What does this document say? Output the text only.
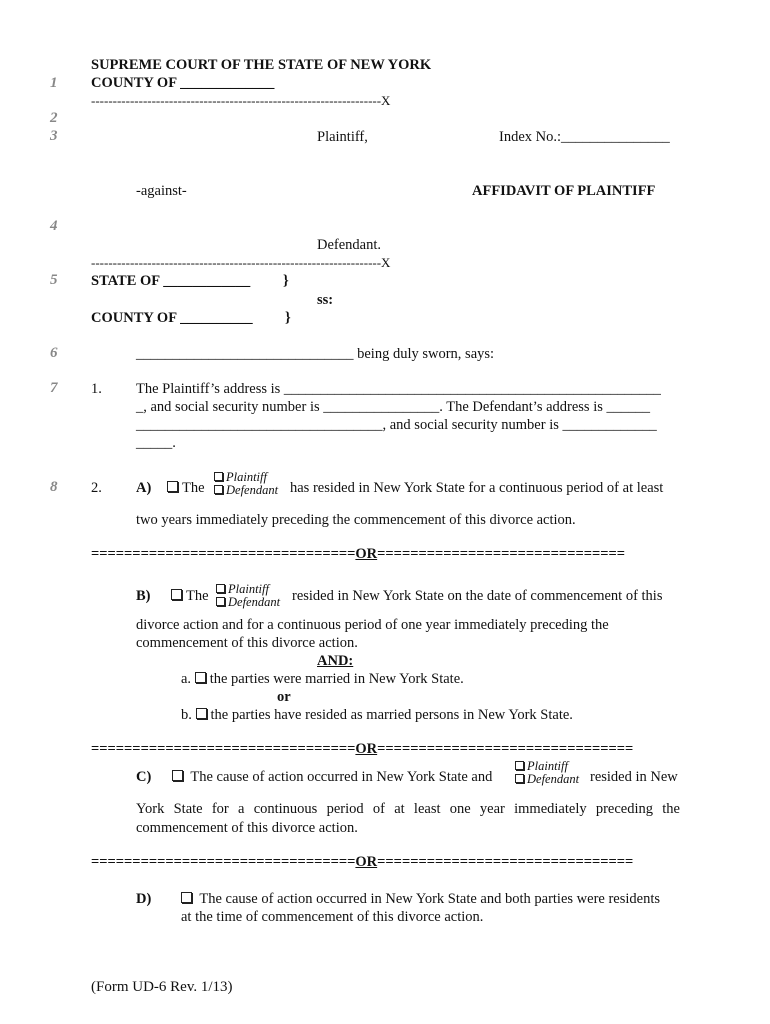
1
2
3
4
5
6
7
8
SUPREME COURT OF THE STATE OF NEW YORK
COUNTY OF _____________
-------------------------------------------------------------------X
Plaintiff,	Index No.:_______________
-against-	AFFIDAVIT OF PLAINTIFF
Defendant.
-------------------------------------------------------------------X
STATE OF ____________ }
ss:
COUNTY OF __________ }
______________________________ being duly sworn, says:
1. The Plaintiff’s address is ____________________________________________________
_, and social security number is ________________. The Defendant’s address is ______
__________________________________, and social security number is _____________
_____.
2. A)	The
Plaintiff
Defendant has resided in New York State for a continuous period of at least
two years immediately preceding the commencement of this divorce action.
================================OR==============================
B)	The	Plaintiff
Defendant resided in New York State on the date of commencement of this
divorce action and for a continuous period of one year immediately preceding the
commencement of this divorce action.
AND:
a. the parties were married in New York State.
or
b. the parties have resided as married persons in New York State.
================================OR===============================
C)	The cause of action occurred in New York State and
Plaintiff
Defendant resided in New
York State for a continuous period of at least one year immediately preceding the
commencement of this divorce action.
================================OR===============================
D)	The cause of action occurred in New York State and both parties were residents
at the time of commencement of this divorce action.
(Form UD-6 Rev. 1/13)
